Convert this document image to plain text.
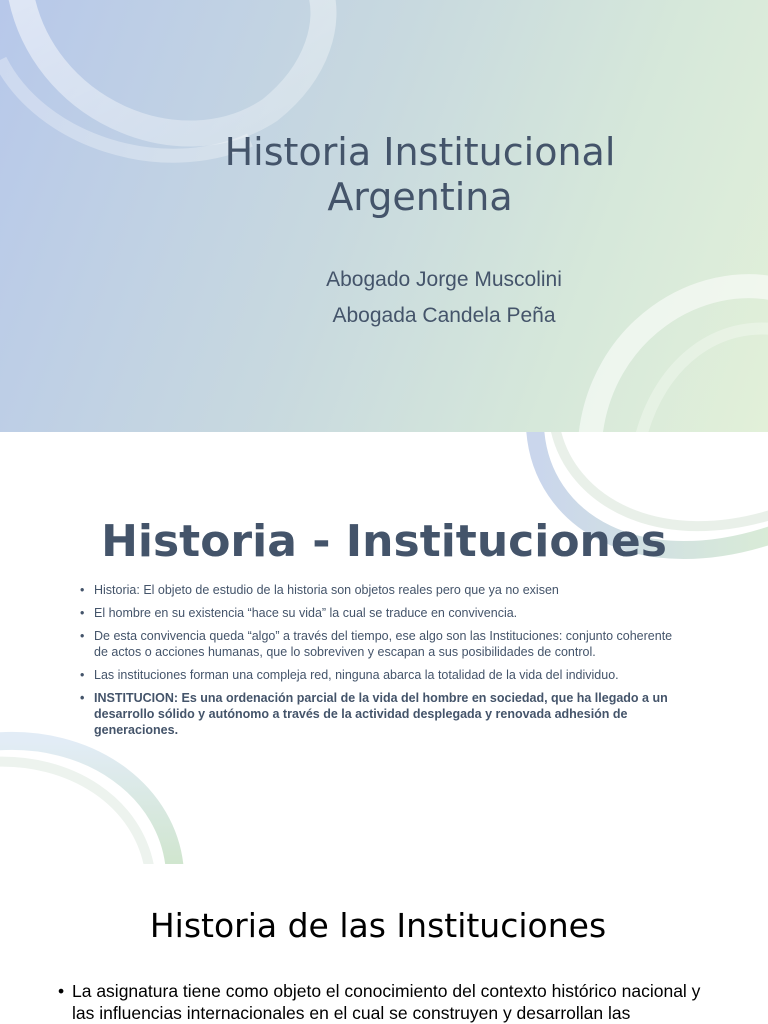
Historia Institucional Argentina

Abogado Jorge Muscolini

Abogada Candela Peña

Historia - Instituciones
• Historia: El objeto de estudio de la historia son objetos reales pero que ya no exisen
• El hombre en su existencia “hace su vida” la cual se traduce en convivencia.
• De esta convivencia queda “algo” a través del tiempo, ese algo son las Instituciones: conjunto coherente de actos o acciones humanas, que lo sobreviven y escapan a sus posibilidades de control.
• Las instituciones forman una compleja red, ninguna abarca la totalidad de la vida del individuo.
• INSTITUCION: Es una ordenación parcial de la vida del hombre en sociedad, que ha llegado a un desarrollo sólido y autónomo a través de la actividad desplegada y renovada adhesión de generaciones.
Historia de las Instituciones
• La asignatura tiene como objeto el conocimiento del contexto histórico nacional y las influencias internacionales en el cual se construyen y desarrollan las
